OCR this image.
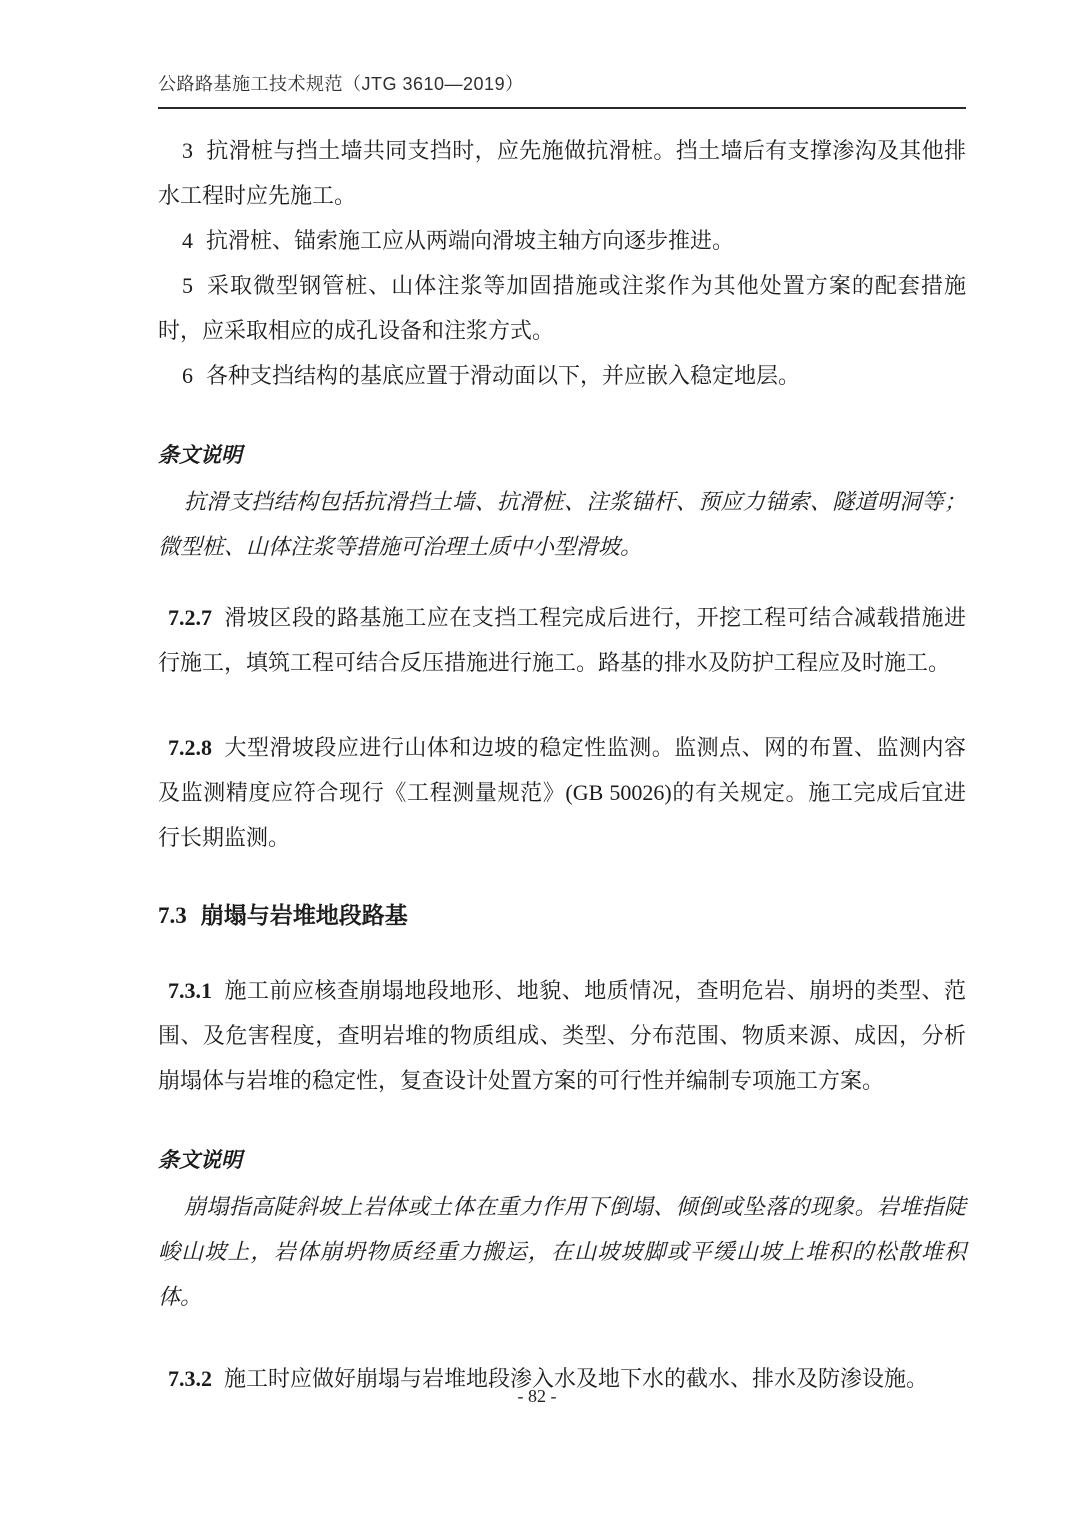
公路路基施工技术规范（JTG 3610—2019）

3 抗滑桩与挡土墙共同支挡时，应先施做抗滑桩。挡土墙后有支撑渗沟及其他排水工程时应先施工。

4 抗滑桩、锚索施工应从两端向滑坡主轴方向逐步推进。

5 采取微型钢管桩、山体注浆等加固措施或注浆作为其他处置方案的配套措施时，应采取相应的成孔设备和注浆方式。

6 各种支挡结构的基底应置于滑动面以下，并应嵌入稳定地层。

条文说明

抗滑支挡结构包括抗滑挡土墙、抗滑桩、注浆锚杆、预应力锚索、隧道明洞等；微型桩、山体注浆等措施可治理土质中小型滑坡。

7.2.7 滑坡区段的路基施工应在支挡工程完成后进行，开挖工程可结合减载措施进行施工，填筑工程可结合反压措施进行施工。路基的排水及防护工程应及时施工。

7.2.8 大型滑坡段应进行山体和边坡的稳定性监测。监测点、网的布置、监测内容及监测精度应符合现行《工程测量规范》(GB 50026)的有关规定。施工完成后宜进行长期监测。

7.3 崩塌与岩堆地段路基

7.3.1 施工前应核查崩塌地段地形、地貌、地质情况，查明危岩、崩坍的类型、范围、及危害程度，查明岩堆的物质组成、类型、分布范围、物质来源、成因，分析崩塌体与岩堆的稳定性，复查设计处置方案的可行性并编制专项施工方案。

条文说明

崩塌指高陡斜坡上岩体或土体在重力作用下倒塌、倾倒或坠落的现象。岩堆指陡峻山坡上，岩体崩坍物质经重力搬运，在山坡坡脚或平缓山坡上堆积的松散堆积体。

7.3.2 施工时应做好崩塌与岩堆地段渗入水及地下水的截水、排水及防渗设施。

- 82 -
